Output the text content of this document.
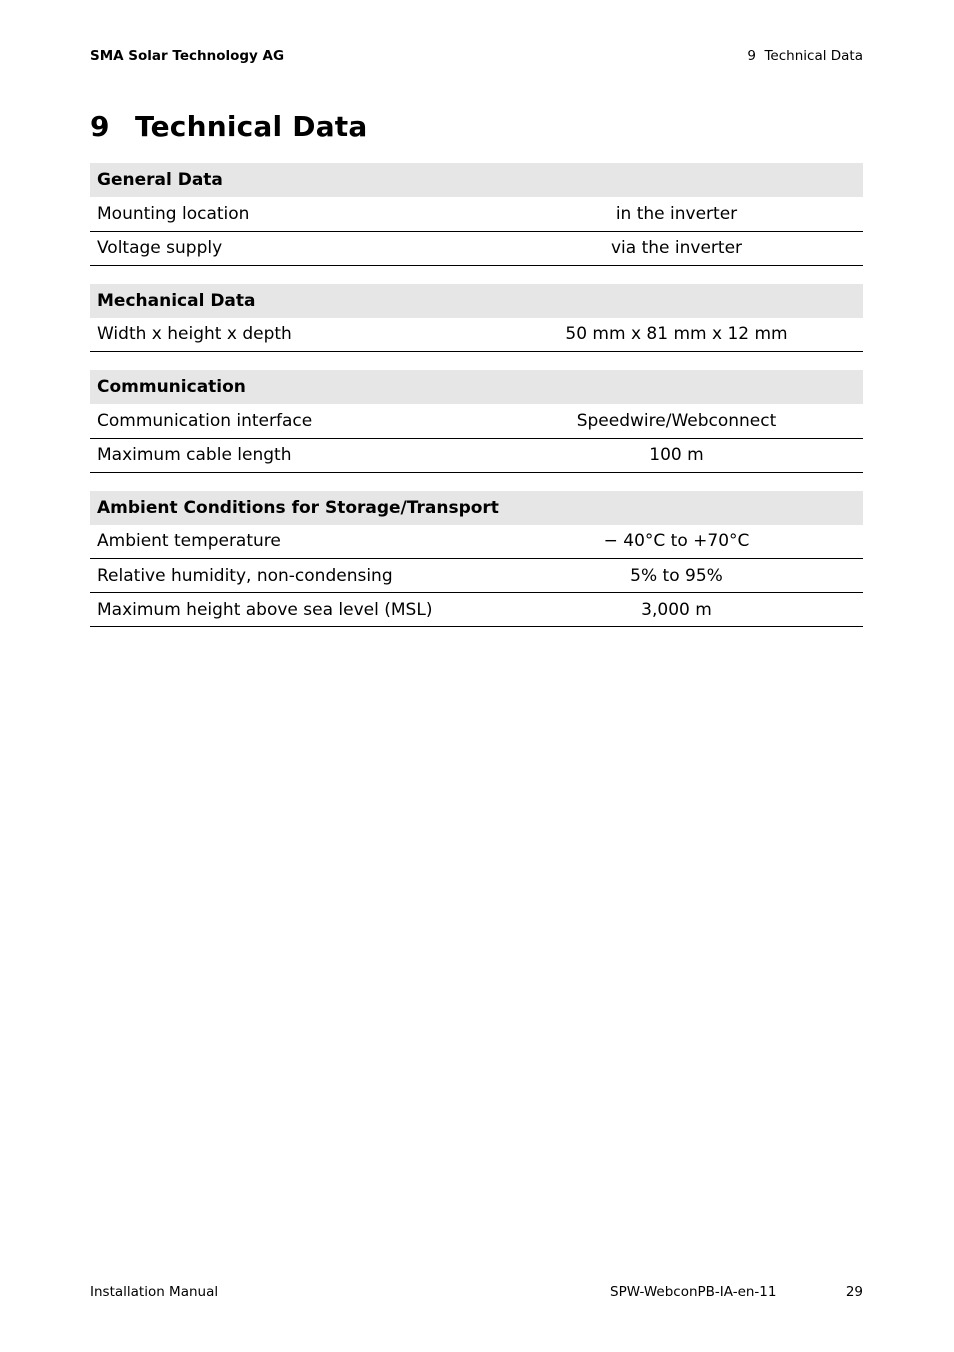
SMA Solar Technology AG	9  Technical Data
9 Technical Data
General Data	
Mounting location	in the inverter
Voltage supply	via the inverter
Mechanical Data
Width x height x depth	50 mm x 81 mm x 12 mm
Communication	
Communication interface	Speedwire/Webconnect
Maximum cable length	100 m
Ambient Conditions for Storage/Transport	
Ambient temperature	− 40°C to +70°C
Relative humidity, non-condensing	5% to 95%
Maximum height above sea level (MSL)	3,000 m
Installation Manual	SPW-WebconPB-IA-en-11	29
